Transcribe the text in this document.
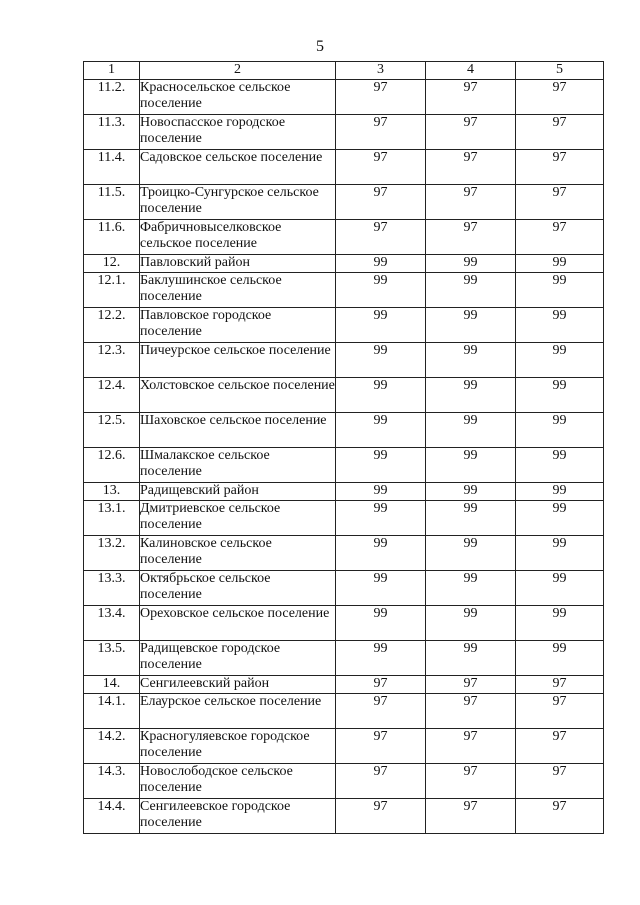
5
1	2	3	4	5
11.2.	Красносельское сельское поселение	97	97	97
11.3.	Новоспасское городское поселение	97	97	97
11.4.	Садовское сельское поселение	97	97	97
11.5.	Троицко-Сунгурское сельское поселение	97	97	97
11.6.	Фабричновыселковское сельское поселение	97	97	97
12.	Павловский район	99	99	99
12.1.	Баклушинское сельское поселение	99	99	99
12.2.	Павловское городское поселение	99	99	99
12.3.	Пичеурское сельское поселение	99	99	99
12.4.	Холстовское сельское поселение	99	99	99
12.5.	Шаховское сельское поселение	99	99	99
12.6.	Шмалакское сельское поселение	99	99	99
13.	Радищевский район	99	99	99
13.1.	Дмитриевское сельское поселение	99	99	99
13.2.	Калиновское сельское поселение	99	99	99
13.3.	Октябрьское сельское поселение	99	99	99
13.4.	Ореховское сельское поселение	99	99	99
13.5.	Радищевское городское поселение	99	99	99
14.	Сенгилеевский район	97	97	97
14.1.	Елаурское сельское поселение	97	97	97
14.2.	Красногуляевское городское поселение	97	97	97
14.3.	Новослободское сельское поселение	97	97	97
14.4.	Сенгилеевское городское поселение	97	97	97
